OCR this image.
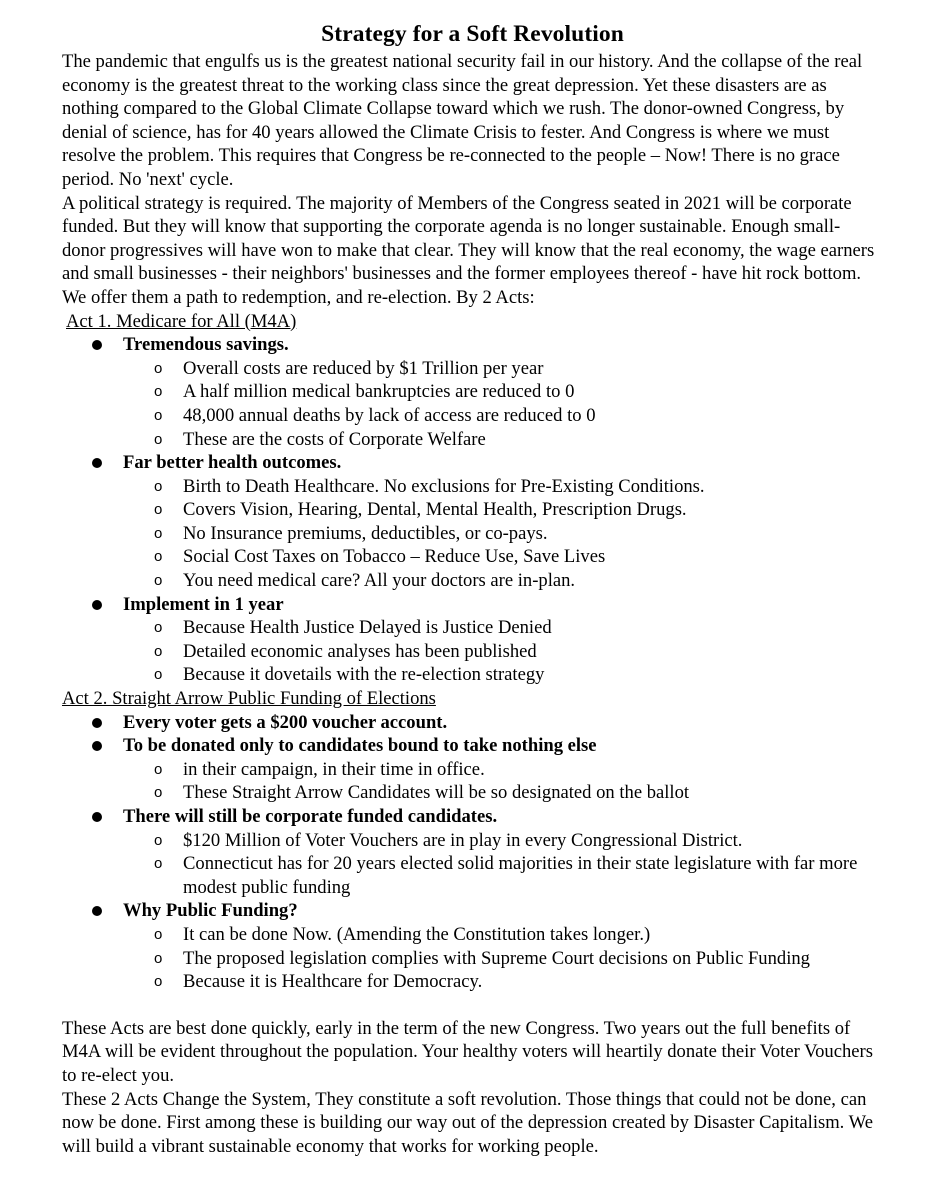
Strategy for a Soft Revolution

The pandemic that engulfs us is the greatest national security fail in our history. And the collapse of the real economy is the greatest threat to the working class since the great depression. Yet these disasters are as nothing compared to the Global Climate Collapse toward which we rush. The donor-owned Congress, by denial of science, has for 40 years allowed the Climate Crisis to fester. And Congress is where we must resolve the problem. This requires that Congress be re-connected to the people – Now! There is no grace period. No 'next' cycle.

A political strategy is required. The majority of Members of the Congress seated in 2021 will be corporate funded. But they will know that supporting the corporate agenda is no longer sustainable. Enough small-donor progressives will have won to make that clear. They will know that the real economy, the wage earners and small businesses - their neighbors' businesses and the former employees thereof - have hit rock bottom. We offer them a path to redemption, and re-election. By 2 Acts:

Act 1. Medicare for All (M4A)
Tremendous savings.
o Overall costs are reduced by $1 Trillion per year
o A half million medical bankruptcies are reduced to 0
o 48,000 annual deaths by lack of access are reduced to 0
o These are the costs of Corporate Welfare
Far better health outcomes.
o Birth to Death Healthcare. No exclusions for Pre-Existing Conditions.
o Covers Vision, Hearing, Dental, Mental Health, Prescription Drugs.
o No Insurance premiums, deductibles, or co-pays.
o Social Cost Taxes on Tobacco – Reduce Use, Save Lives
o You need medical care? All your doctors are in-plan.
Implement in 1 year
o Because Health Justice Delayed is Justice Denied
o Detailed economic analyses has been published
o Because it dovetails with the re-election strategy
Act 2. Straight Arrow Public Funding of Elections
Every voter gets a $200 voucher account.
To be donated only to candidates bound to take nothing else
o in their campaign, in their time in office.
o These Straight Arrow Candidates will be so designated on the ballot
There will still be corporate funded candidates.
o $120 Million of Voter Vouchers are in play in every Congressional District.
o Connecticut has for 20 years elected solid majorities in their state legislature with far more modest public funding
Why Public Funding?
o It can be done Now. (Amending the Constitution takes longer.)
o The proposed legislation complies with Supreme Court decisions on Public Funding
o Because it is Healthcare for Democracy.

These Acts are best done quickly, early in the term of the new Congress. Two years out the full benefits of M4A will be evident throughout the population. Your healthy voters will heartily donate their Voter Vouchers to re-elect you.

These 2 Acts Change the System, They constitute a soft revolution. Those things that could not be done, can now be done. First among these is building our way out of the depression created by Disaster Capitalism. We will build a vibrant sustainable economy that works for working people.
